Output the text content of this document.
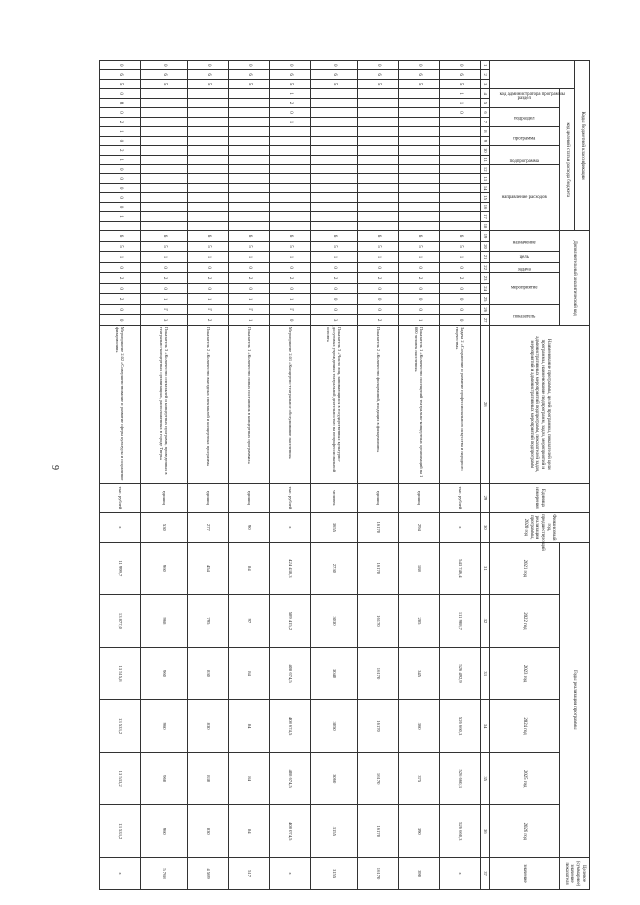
9
Коды бюджетной классификации																		Дополнительный аналитический код									Наименование программы, целей программы, показателей цели программы, наименование подпрограмм, задач, мероприятий и административных мероприятий подпрограмм, показателей задач, мероприятий и административных мероприятий подпрограмм	Единица измерения	Финансовый год, предшествующий реализации программы, 2020 год	Годы реализации программы						Целевое (суммарное) значение показателя
код администратора программы			код целевой статьи расхода бюджета																																	
			раздел		подраздел		программа		подпрограмма		направление расходов							назначение		цель	задача	мероприятие			показатель					2021 год	2022 год	2023 год	2024 год	2025 год	2026 год	значение

1	2	3	4	5	6	7	8	9	10	11	12	13	14	15	16	17	18	19	20	21	22	23	24	25	26	27	28	29	30	31	32	33	34	35	36	37
0	6	5	1	1	0													6	5	1	0	2	0	0	0	0	Задача 2 «Сохранение и развитие профессионального искусства и народного творчества»	тыс. рублей	x	543 746,4	111 908,7	526 492,9	526 660,3	526 660,3	526 660,3	x
0	6	5																6	5	1	0	2	0	0	0	1	Показатель 1 «Количество посещений театрально-концертных организаций на 1 000 человек населения»	единиц	294	188	285	345	360	375	390	390
0	6	5																6	5	1	0	2	0	0	0	2	Показатель 2 «Количество филармоний, входящих в филармонию»	единиц	16170	16170	16170	16170	16170	16170	16170	16170
0	6	5																6	5	1	0	2	0	0	0	3	Показатель 3 «Число лиц, занимающихся в государственных культурно-досуговых учреждениях театральной деятельностью на непрофессиональной основе»	человек	3655	2730	3030	3040	3050	3060	3155	3155
0	6	5	1	2	0	1												6	5	1	0	2	0	1	Г	0	Мероприятие 2.01 «Концертно-театральное обслуживание населения»	тыс. рублей	x	424 438,3	589 415,2	408 674,5	408 674,5	408 674,5	408 074,5	x
0	6	5																6	5	1	0	2	0	1	Г	1	Показатель 1 «Количество новых постановок в концертных программах»	единиц	90	84	97	84	84	84	84	517
0	6	5																6	5	1	0	2	0	1	Г	2	Показатель 2 «Количество выездных спектаклей и концертных программ»	единиц	277	454	795	830	830	830	830	4 569
0	6	5																6	5	1	0	2	0	1	Г	3	Показатель 3 «Количество спектаклей и концертных программ, проведенных в театрально-концертных организациях, расположенных в городе Тверь»	единиц	530	960	968	960	960	960	960	5 768
0	6	5	0	8	0	2	1	0	2	1	0	0	0	0	0	1		6	5	1	0	2	0	2	0	0	Мероприятие 2.02 «Совершенствование и развитие сферы культуры и сохранение филармонии»	тыс. рублей	x	11 999,7	13 877,0	13 515,8	13 533,2	13 533,2	13 533,2	x
